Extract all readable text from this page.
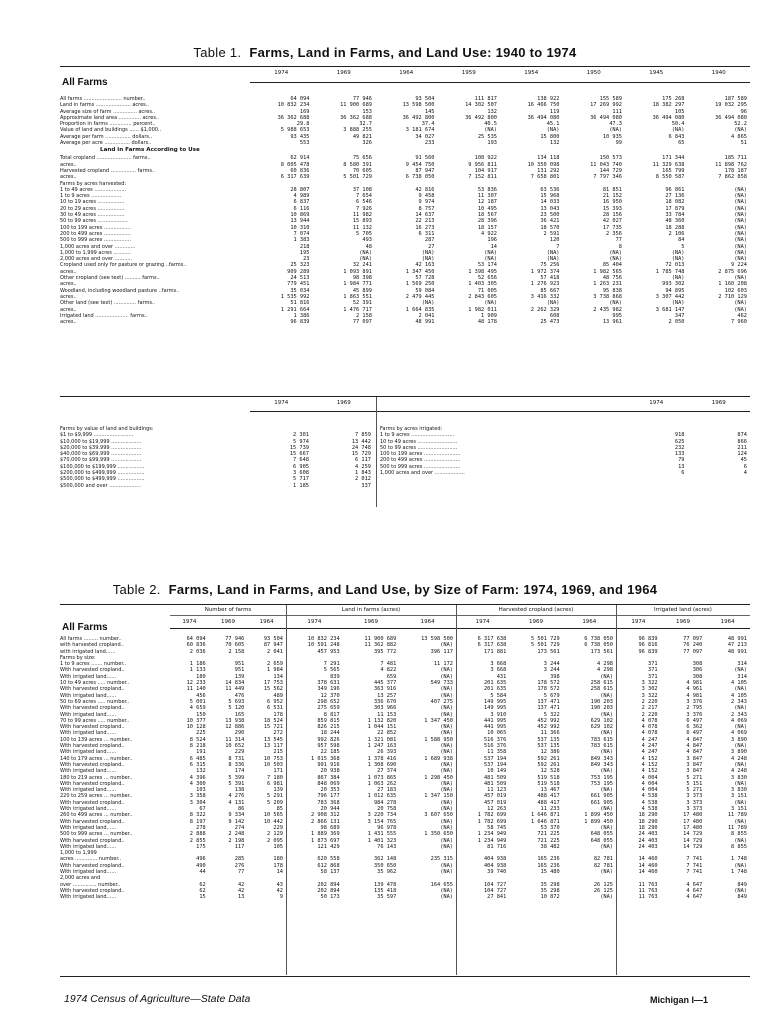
Table 1. Farms, Land in Farms, and Land Use: 1940 to 1974
All Farms
1974	1969	1964	1959	1954	1950	1945	1940
All farms ........................ number..	64 094	77 946	93 504	111 817	138 922	155 589	175 268	187 589
Land in farms ...................... acres..	10 832 234	11 900 689	13 598 500	14 302 507	16 466 750	17 269 992	18 382 297	19 032 295
Average size of farm ............... acres..	169	153	145	132	119	111	105	96
Approximate land area .............. acres..	36 362 688	36 362 688	36 492 800	36 492 800	36 494 080	36 494 080	36 494 080	36 494 080
Proportion in farms .............. percent..	29.8	32.7	37.4	40.5	45.1	47.3	50.4	52.2
Value of land and buildings ...... $1,000..	5 988 653	3 888 255	3 181 674	(NA)	(NA)	(NA)	(NA)	(NA)
Average per farm ................ dollars..	93 435	49 821	34 027	25 535	15 800	10 935	6 843	4 865
Average per acre ................ dollars..	553	326	233	193	132	99	65	51
Land in Farms According to Use								
Total cropland ...................... farms..	62 914	75 656	91 560	108 922	134 118	150 573	171 344	185 711
acres..	8 005 478	8 580 391	9 454 750	9 956 811	10 350 098	11 043 740	11 329 638	11 898 762
Harvested cropland ................ farms..	60 836	70 605	87 947	104 917	131 292	144 729	165 799	178 187
acres..	6 317 639	5 501 729	6 738 050	7 152 811	7 658 801	7 797 346	8 550 587	7 862 858
Farms by acres harvested:								
1 to 49 acres ....................	28 807	37 108	42 816	53 836	63 536	81 851	96 861	(NA)
1 to 9 acres ...................	4 989	7 654	9 458	11 307	15 968	21 152	27 136	(NA)
10 to 19 acres .................	6 837	6 546	9 974	12 187	14 033	16 950	18 082	(NA)
20 to 29 acres .................	6 116	7 926	8 757	10 495	13 043	15 393	17 879	(NA)
30 to 49 acres .................	10 869	11 982	14 637	18 567	23 500	28 156	33 784	(NA)
50 to 99 acres ...................	13 944	15 893	22 213	28 396	36 421	42 027	48 360	(NA)
100 to 199 acres .................	10 310	11 132	16 273	18 157	18 570	17 735	18 288	(NA)
200 to 499 acres .................	7 074	5 705	6 311	4 922	2 591	2 356	2 106	(NA)
500 to 999 acres .................	1 383	493	287	196	120	77	84	(NA)
1,000 acres and over .............	218	48	27	14	7	8	5	(NA)
1,000 to 1,999 acres ...........	195	(NA)	(NA)	(NA)	(NA)	(NA)	(NA)	(NA)
2,000 acres and over ...........	23	(NA)	(NA)	(NA)	(NA)	(NA)	(NA)	(NA)
Cropland used only for pasture or grazing ..farms..	25 323	32 241	42 163	53 174	75 256	85 404	72 013	9 224
acres..	909 289	1 093 891	1 347 450	1 398 495	1 972 374	1 982 565	1 785 748	2 875 696
Other cropland (see text) .......... farms..	24 513	98 398	57 728	52 656	57 418	48 756	(NA)	(NA)
acres..	779 451	1 984 771	1 569 250	1 403 305	1 276 923	1 263 231	993 302	1 160 208
Woodland, including woodland pasture ..farms..	35 034	45 899	59 084	71 005	85 667	95 838	94 895	102 603
acres..	1 535 992	1 863 551	2 479 445	2 843 605	3 416 332	3 738 868	3 307 442	2 710 129
Other land (see text) .............. farms..	51 816	52 391	(NA)	(NA)	(NA)	(NA)	(NA)	(NA)
acres..	1 291 664	1 476 717	1 664 835	1 982 011	2 262 329	2 435 982	3 681 147	(NA)
Irrigated land ..................... farms..	1 386	2 158	2 041	1 909	608	995	347	462
acres..	96 839	77 097	48 991	48 178	25 473	13 961	2 050	7 960
1974	1969	1974	1969
Farms by value of land and buildings:		
$1 to $9,999 .........................	2 301	7 859
$10,000 to $19,999 ...................	5 974	13 442
$20,000 to $39,999 ...................	15 739	24 748
$40,000 to $69,999 ...................	15 667	15 729
$70,000 to $99,999 ...................	7 648	6 117
$100,000 to $199,999 .................	6 905	4 259
$200,000 to $499,999 .................	3 608	1 843
$500,000 to $499,999 .................	5 717	2 012
$500,000 and over ....................	1 185	337
Farms by acres irrigated:		
1 to 9 acres ...........................	918	874
10 to 49 acres .........................	625	866

50 to 99 acres .........................	232	211
100 to 199 acres .......................	133	124

200 to 499 acres .......................	79	45
500 to 999 acres .......................	13	6
1,000 acres and over ...................	6	4
Table 2. Farms, Land in Farms, and Land Use, by Size of Farm: 1974, 1969, and 1964
All Farms
Number of farms	Land in farms (acres)	Harvested cropland (acres)	Irrigated land (acres)
1974	1969	1964	1974	1969	1964	1974	1969	1964	1974	1969	1964
All farms ......... number..	64 094	77 946	93 504	10 832 234	11 900 689	13 598 500	6 317 638	5 501 729	6 738 050	96 839	77 097	48 991
with harvested cropland..	60 836	70 605	87 947	10 591 248	11 362 882	(NA)	6 317 638	5 501 729	6 738 050	96 816	76 240	47 213
with irrigated land......	2 036	2 158	2 041	457 953	395 772	396 117	171 881	173 561	173 561	96 839	77 097	48 991
Farms by size:												
1 to 9 acres ....... number..	1 186	951	2 659	7 291	7 481	11 172	3 668	3 244	4 298	371	308	314
With harvested cropland..	1 133	951	1 984	5 565	4 822	(NA)	3 668	3 244	4 298	371	306	(NA)
With irrigated land......	180	139	134	839	659	(NA)	431	398	(NA)	371	308	314
10 to 49 acres ..... number..	12 233	14 834	17 753	378 631	445 377	549 733	201 635	178 572	258 615	3 322	4 981	4 105
With harvested cropland..	11 140	11 449	15 562	349 196	363 916	(NA)	201 635	178 572	258 615	3 302	4 961	(NA)
With irrigated land......	456	476	489	12 370	13 257	(NA)	5 584	5 679	(NA)	3 322	4 981	4 105
50 to 69 acres ..... number..	5 001	5 693	6 952	298 652	336 670	407 275	149 995	137 471	190 203	2 220	3 376	2 343
With harvested cropland..	4 659	5 120	6 531	275 659	303 966	(NA)	149 995	137 471	190 203	2 217	2 795	(NA)
With irrigated land......	150	165	178	8 817	11 153	(NA)	3 910	5 322	(NA)	2 220	3 376	2 343
70 to 99 acres ..... number..	10 377	13 938	18 524	859 815	1 132 820	1 347 450	441 995	452 992	629 102	4 078	6 497	4 069
With harvested cropland..	10 128	12 886	15 721	826 215	1 044 151	(NA)	441 995	452 992	629 102	4 078	6 362	(NA)
With irrigated land......	225	290	272	18 244	22 852	(NA)	10 065	11 366	(NA)	4 078	6 497	4 069
100 to 139 acres ... number..	8 524	11 314	13 545	992 826	1 321 081	1 588 950	516 376	537 135	783 615	4 247	4 847	3 890
With harvested cropland..	8 218	10 652	13 117	957 598	1 247 163	(NA)	516 376	537 135	783 615	4 247	4 847	(NA)
With irrigated land......	191	229	215	22 185	26 393	(NA)	11 358	12 386	(NA)	4 247	4 847	3 890
140 to 179 acres ... number..	6 485	8 731	10 753	1 015 368	1 378 416	1 689 938	537 194	592 261	849 343	4 152	3 847	4 248
With harvested cropland..	6 315	8 336	10 503	991 916	1 308 690	(NA)	537 194	592 261	849 343	4 152	3 847	(NA)
With irrigated land......	132	174	171	20 938	27 374	(NA)	10 149	12 528	(NA)	4 152	3 847	4 248
180 to 219 acres ... number..	4 396	5 399	7 180	867 384	1 073 865	1 298 450	481 509	519 518	753 195	4 004	5 271	3 830
With harvested cropland..	4 300	5 391	6 981	848 069	1 063 262	(NA)	481 509	519 518	753 195	4 004	5 151	(NA)
With irrigated land......	103	138	139	20 353	27 183	(NA)	11 123	13 467	(NA)	4 004	5 271	3 830
220 to 259 acres ... number..	3 358	4 276	5 291	796 177	1 012 635	1 347 150	457 019	488 417	661 905	4 538	3 373	3 151
With harvested cropland..	3 304	4 131	5 209	783 368	984 278	(NA)	457 019	488 417	661 905	4 538	3 373	(NA)
With irrigated land......	67	86	85	20 944	20 758	(NA)	12 263	11 233	(NA)	4 538	3 373	3 151
260 to 499 acres ... number..	8 322	9 334	10 565	2 908 312	3 220 734	3 607 650	1 782 699	1 646 871	1 899 450	18 290	17 480	11 789
With harvested cropland..	8 197	9 142	10 442	2 866 131	3 154 765	(NA)	1 782 699	1 646 871	1 899 450	18 290	17 480	(NA)
With irrigated land......	278	274	229	98 689	96 978	(NA)	58 745	53 370	(NA)	18 290	17 480	11 789
500 to 999 acres ... number..	2 888	2 248	2 129	1 889 369	1 431 555	1 350 650	1 234 949	721 225	648 055	24 403	14 729	8 855
With harvested cropland..	2 855	2 198	2 095	1 873 697	1 401 323	(NA)	1 234 949	721 225	648 055	24 403	14 729	(NA)
With irrigated land......	175	117	105	121 429	76 143	(NA)	81 716	38 482	(NA)	24 403	14 729	8 855
1,000 to 1,999												
acres .............. number..	496	285	180	620 558	362 148	235 315	404 938	165 236	82 781	14 460	7 741	1 748
With harvested cropland..	490	276	178	612 868	350 650	(NA)	404 938	165 236	82 781	14 460	7 741	(NA)
With irrigated land......	44	77	14	58 137	35 962	(NA)	39 740	15 480	(NA)	14 460	7 741	1 748
2,000 acres and												
over ............... number..	62	42	43	202 894	139 478	164 655	104 727	35 298	26 125	11 763	4 647	849
With harvested cropland..	62	42	42	202 894	135 418	(NA)	104 727	35 298	26 125	11 763	4 647	(NA)
With irrigated land......	15	13	9	50 173	35 597	(NA)	27 841	10 872	(NA)	11 763	4 647	849
1974 Census of Agriculture—State Data	Michigan I—1
